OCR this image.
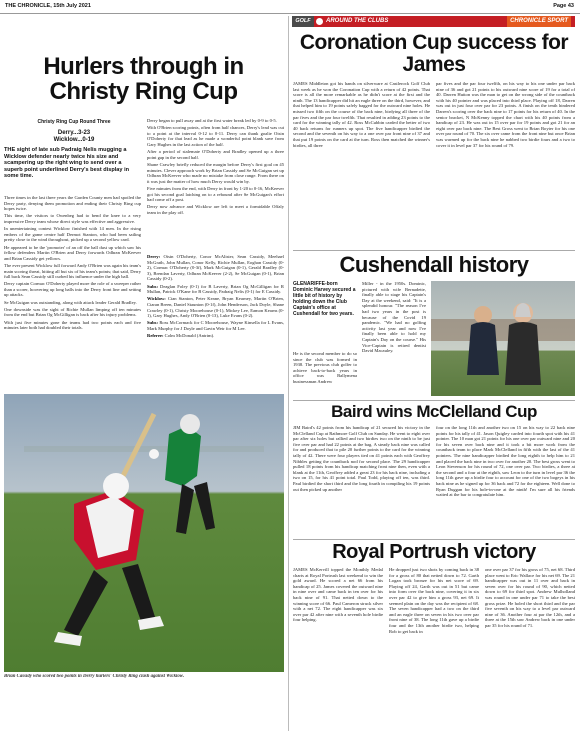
THE CHRONICLE, 15th July 2021	Page 43
GOLF	AROUND THE CLUBS	CHRONICLE SPORT
Hurlers through in Christy Ring Cup
Christy Ring Cup Round Three
Derry...3-23
Wicklow...0-19
THE sight of late sub Padraig Nelis mugging a Wicklow defender nearly twice his size and scampering up the right wing to send over a superb point underlined Derry's best display in some time.

Three times in the last three years the Garden County men had spoiled the Derry party, denying them promotion and ending their Christy Ring cup hopes twice.

This time, the visitors to Owenbeg had to bend the knee to a very impressive Derry team whose direct style was effective and aggressive.

In unentertaining contest Wicklow finished with 14 men. In the rising embers of the game centre half Dermot Stanton, who had been sailing pretty close to the wind throughout, picked up a second yellow card.

He appeared to be the 'promoter' of an off the ball dust up which saw his fellow defenders Martin O'Brien and Derry forwards Odhran McKeever and Brian Cassidy get yellows.

The ever present Wicklow full forward Andy O'Brien was again his team's main scoring threat, hitting all but six of his team's points; that said, Derry full back Sean Cassidy still curbed his influence under the high ball.

Derry captain Cormac O'Doherty played more the role of a sweeper rather than a scorer, hoovering up long balls into the Derry front line and setting up attacks.

Se McGuigan was outstanding, along with attack leader Gerald Bradley.

One downside was the sight of Richie Mullan limping off ten minutes from the end but Brian Og McGilligan is back after his injury problems.

With just five minutes gone the teams had two points each and five minutes later both had doubled their totals.

Derry began to pull away and at the first water break led by 0-9 to 0-5.

With O'Brien scoring points, often from half chances, Derry's lead was cut to a point at the interval 0-12 to 0-11. Derry can thank goalie Oisin O'Doherty for that lead as he made a wonderful point blank save from Gary Hughes in the last action of the half.

After a period of stalemate O'Doherty and Bradley opened up a three point gap in the second half.

Shane Crawley briefly reduced the margin before Derry's first goal on 45 minutes. Clever approach work by Brian Cassidy and Se McGuigan set up Odhran McKeever who made no mistake from close range. From there on it was just the matter of how much Derry would win by.

Five minutes from the end, with Derry in front by 1-20 to 0-16, McKeever got his second goal latching on to a rebound after Se McGuigan's effort had come off a post.

Derry now advance and Wicklow are left to meet a formidable Offaly team in the play off.

Derry: Oisin O'Doherty, Conor McAlister, Sean Cassidy, Meehael McGrath, John Mullan, Conor Kelly, Richie Mullan, Eoghan Cassidy (0-2), Cormac O'Doherty (0-3f), Mark McGuigan (0-1), Gerald Bradley (0-3), Brendan Laverty, Odhran McKeever (2-2), Se McGuigan (0-1), Brian Cassidy (0-2).

Subs: Deaglan Foley (0-1) for B Laverty, Brian Og McGilligan for R Mullan, Patrick O'Kane for B Cassidy, Padraig Nelis (0-1) for E Cassidy.

Wicklow: Cian Stanton, Peter Keane, Bryan Kearney, Martin O'Brien, Ciaran Breen, Daniel Staunton (0-1f), John Henderson, Jack Doyle, Shane Crawley (0-1), Christy Moorehouse (0-1), Mickey Lee, Eamon Kearns (0-1), Gary Hughes, Andy O'Brien (0-13), Luke Evans (0-2).

Subs: Ross McCormack for C Moorehouse, Wayne Kinsella for L Evans, Mark Murphy for J Doyle and Gavin Weir for M Lee.

Referee: Colm McDonald (Antrim).

Brian Cassidy who scored two points in Derry hurlers' Christy Ring clash against Wicklow.
Coronation Cup success for James

JAMES Middleton got his hands on silverware at Castlerock Golf Club last week as he won the Coronation Cup with a return of 42 points. That score is all the more remarkable as he didn't score at the first and the ninth. The 13 handicapper did hit an eagle three on the third, however, and that helped him to 19 points safely bagged for the outward nine holes. He missed two fifth on the course of the back nine, birdying all three of the par fives and the par four twelfth. That resulted in adding 23 points to the card for the winning tally of 42. Ross McCubbin carded the better of two 40 back returns for runners up spot. The five handicapper birdied the second and the seventh on his way to a one over par front nine of 37 and that put 19 points on the card at the turn. Ross then matched the winner's birdies, all three

par fives and the par four twelfth, on his way to his one under par back nine of 36 and got 21 points to his outward nine score of 19 for a total of 40. Darren Hutton was the man to get on the wrong side of the countback with his 40 pointer and was placed into third place. Playing off 18, Darren was out in just four over par for 23 points. A finish on the tenth hindered Darren's scoring over the back nine to 17 points for his return of 40. In the senior bracket, N McKenny topped the chart with his 40 points from a handicap of 23. He was out in 15 over par for 19 points and got 21 for an eight over par back nine. The Best Gross went to Brian Boyter for his one over par round of 70. The six over came from the front nine but once Brian was warmed up for the back nine he nabbed two birdie fours and a two to cover it in level par 37 for his round of 79.

Cushendall history
GLENARIFFE-born Dominic Harvey secured a little bit of history by holding down the Club Captain's office at Cushendall for two years.

He is the second member to do so since the club was formed in 1938. The previous club golfer to achieve back-to-back years in office was Ballymena businessman Andrew

Miller - in the 1950s. Dominic, pictured with wife Bernadette, finally able to stage his Captain's Day at the weekend, said: "It is a splendid honour. "The reason I've had two years in the post is because of the Covid 19 pandemic. "We had no golfing activity last year and now I've finally been able to hold my Captain's Day on the course." His Vice-Captain is retired dentist David Macauley.

Baird wins McClelland Cup

JIM Baird's 42 points from his handicap of 21 secured his victory in the McClelland Cup at Rathmore Golf Club on Sunday. He went to eight over par after six holes but rallied and two birdies two on the ninth to be just five over par and had 22 points at the bag. A steady back nine was called for and produced that to pile 20 further points to the card for the winning tally of 42. There were four players tied on 41 points each with Geoffrey Nibbles getting the countback nod for second place. The 29 handicapper pulled 18 points from his handicap matching front nine then, even with a blank at the 11th, Geoffrey added a great 23 for his back nine, including a two on 15, for his 41 point total. Paul Todd, playing off ten, was third. Paul birdied the short third and the long fourth in compiling his 19 points out then picked up another

four on the long 11th and another two on 15 on his way to 22 back nine points for his tally of 41. Jason Quigley carded into fourth spot with his 41 pointer. The 10 man got 21 points for his one over par outward nine and 20 for his seven over back nine and it took a bit more work from the countback team to place Mark McClelland in fifth with the last of the 41 pointers. The nine handicapper birdied the long eighth to help him to 21 and placed the back nine in two over for another 20. The best gross went to Leon Stevenson for his round of 72, one over par. Two birdies, a three at the second and a four at the eighth, saw Leon to the turn in level par 36 the long 11th gave up a birdie four to account for one of the two bogeys in his back nine as he signed up for 36 back and 72 for the eighteen. Well done to Ryan Duggan for his hole-in-one at the ninth! I'm sure all his friends waited at the bar to congratulate him.

Royal Portrush victory

JAMES McKervill topped the Monthly Medal charts at Royal Portrush last weekend to win the gold award. He scored a net 66 from his handicap of 25. James covered the outward nine in nine over and came back in ten over for his back nine of 91. That netted down to the winning score of 66. Paul Cameron struck silver with a net 72. The eight handicapper was six over par 42 after nine with a seventh hole birdie four helping.

He dropped just two shots by coming back in 38 for a gross of 80 that netted down to 72. Garth Logan took bronze for his net score of 69. Playing off 24, Garth was out in 51 but came into form over the back nine, covering it in six over par 42 to give him a gross 93, net 69. It seemed plain on the day was the recipient of 68. The seven handicapper had a two on the third and an eagle three on seven in his two over par front nine of 38. The long 11th gave up a birdie four and the 13th another birdie two, helping Rob to get back in

one over par 37 for his gross of 75, net 68. Third place went to Eric Wallace for his net 69. The 21 handicapper was out in 11 over and back in seven over for his round of 90, which netted down to 69 for third spot. Andrew Mulholland was round in one under par 71 to take the best gross prize. He holed the short third and the par five seventh on his way to a level par outward nine of 36. Another four at par the 12th, and a three at the 15th saw Andrew back in one under par 35 for his round of 71.
